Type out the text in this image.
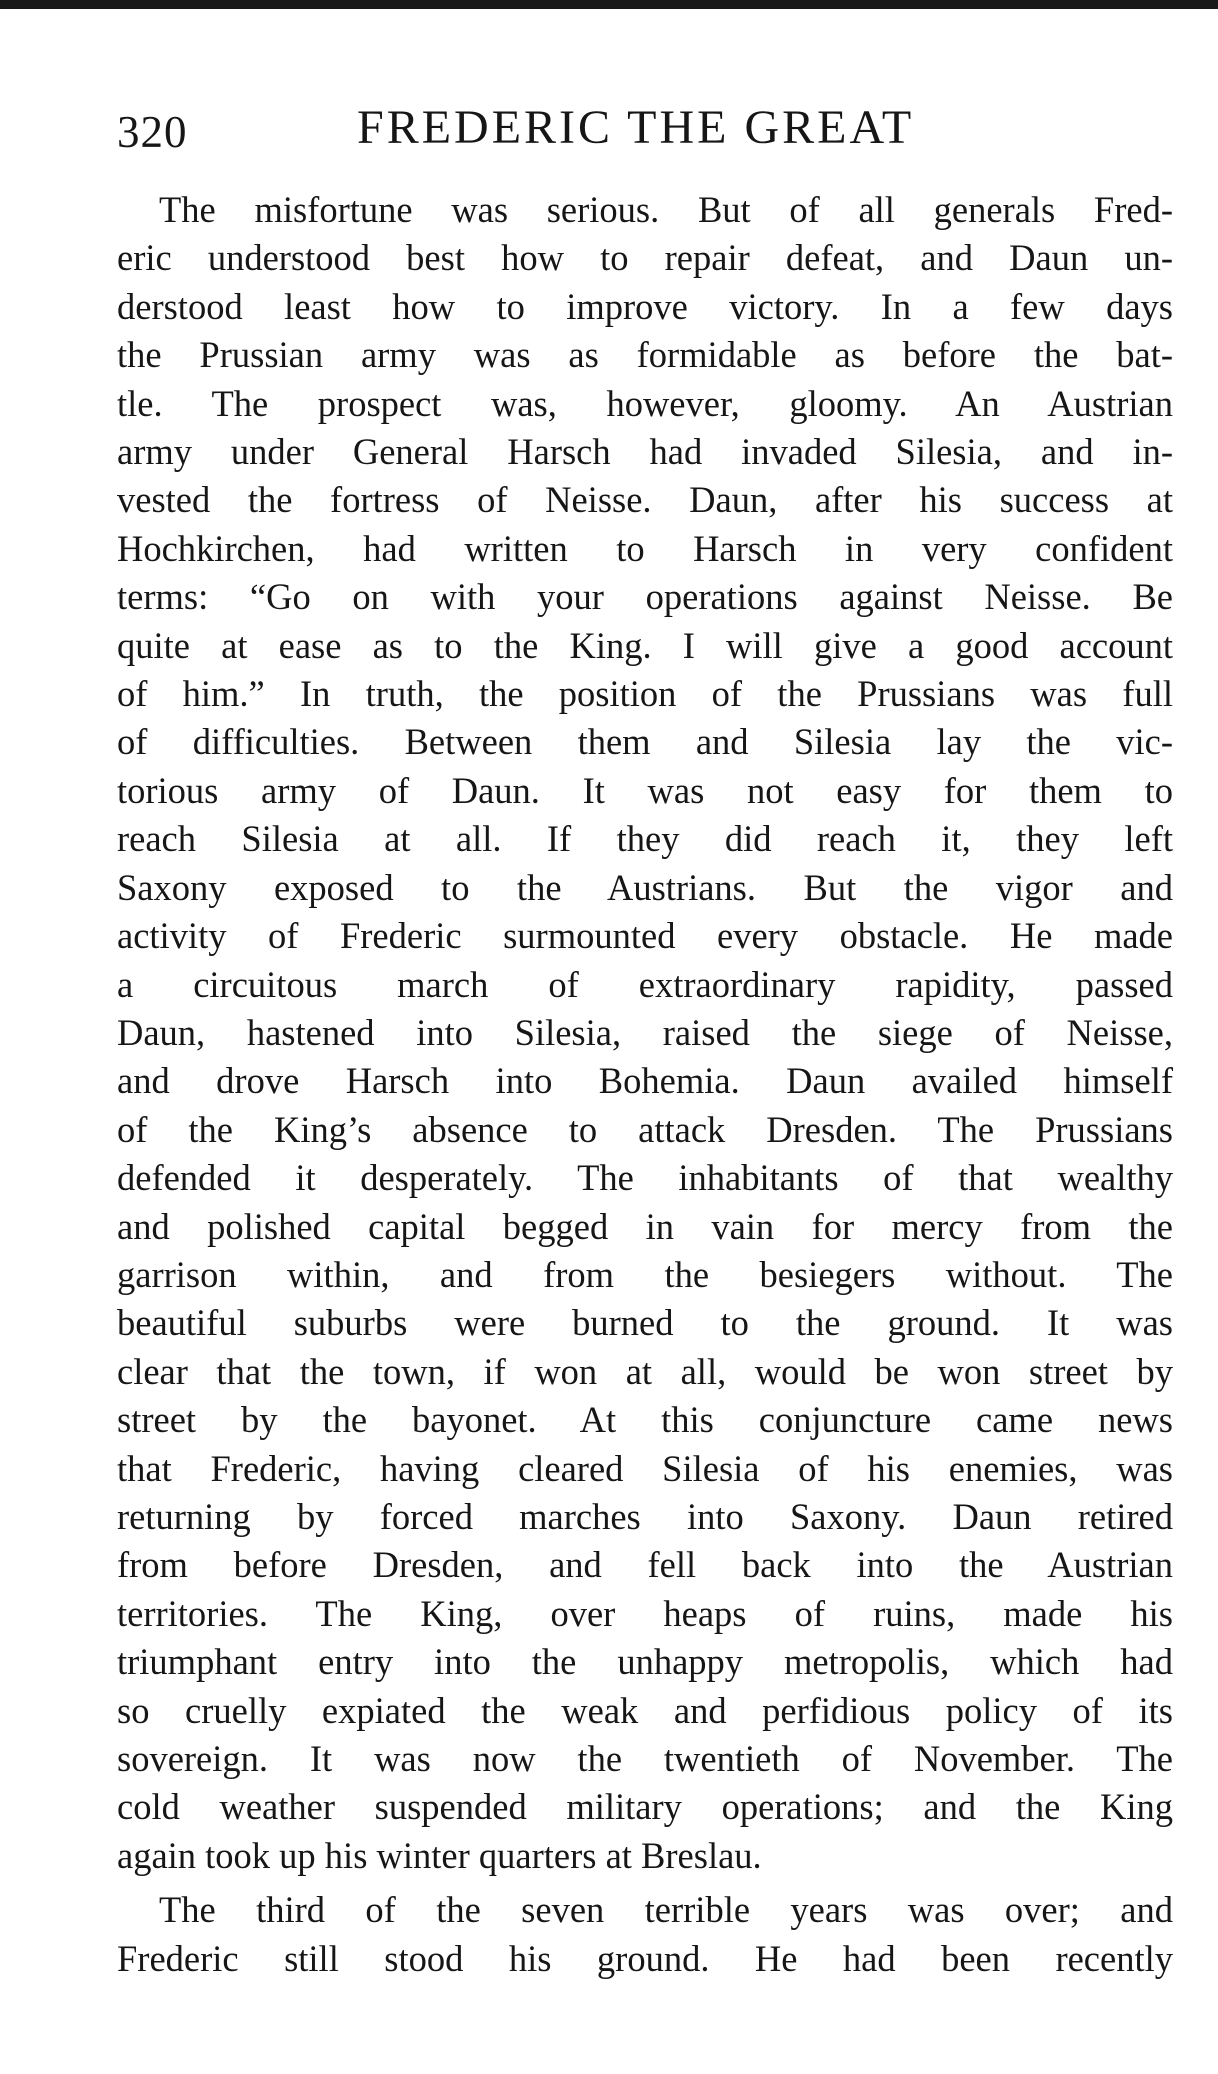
320	FREDERIC THE GREAT

The misfortune was serious. But of all generals Fred-
eric understood best how to repair defeat, and Daun un-
derstood least how to improve victory. In a few days
the Prussian army was as formidable as before the bat-
tle. The prospect was, however, gloomy. An Austrian
army under General Harsch had invaded Silesia, and in-
vested the fortress of Neisse. Daun, after his success at
Hochkirchen, had written to Harsch in very confident
terms: “Go on with your operations against Neisse. Be
quite at ease as to the King. I will give a good account
of him.” In truth, the position of the Prussians was full
of difficulties. Between them and Silesia lay the vic-
torious army of Daun. It was not easy for them to
reach Silesia at all. If they did reach it, they left
Saxony exposed to the Austrians. But the vigor and
activity of Frederic surmounted every obstacle. He made
a circuitous march of extraordinary rapidity, passed
Daun, hastened into Silesia, raised the siege of Neisse,
and drove Harsch into Bohemia. Daun availed himself
of the King’s absence to attack Dresden. The Prussians
defended it desperately. The inhabitants of that wealthy
and polished capital begged in vain for mercy from the
garrison within, and from the besiegers without. The
beautiful suburbs were burned to the ground. It was
clear that the town, if won at all, would be won street by
street by the bayonet. At this conjuncture came news
that Frederic, having cleared Silesia of his enemies, was
returning by forced marches into Saxony. Daun retired
from before Dresden, and fell back into the Austrian
territories. The King, over heaps of ruins, made his
triumphant entry into the unhappy metropolis, which had
so cruelly expiated the weak and perfidious policy of its
sovereign. It was now the twentieth of November. The
cold weather suspended military operations; and the King
again took up his winter quarters at Breslau.

The third of the seven terrible years was over; and
Frederic still stood his ground. He had been recently
